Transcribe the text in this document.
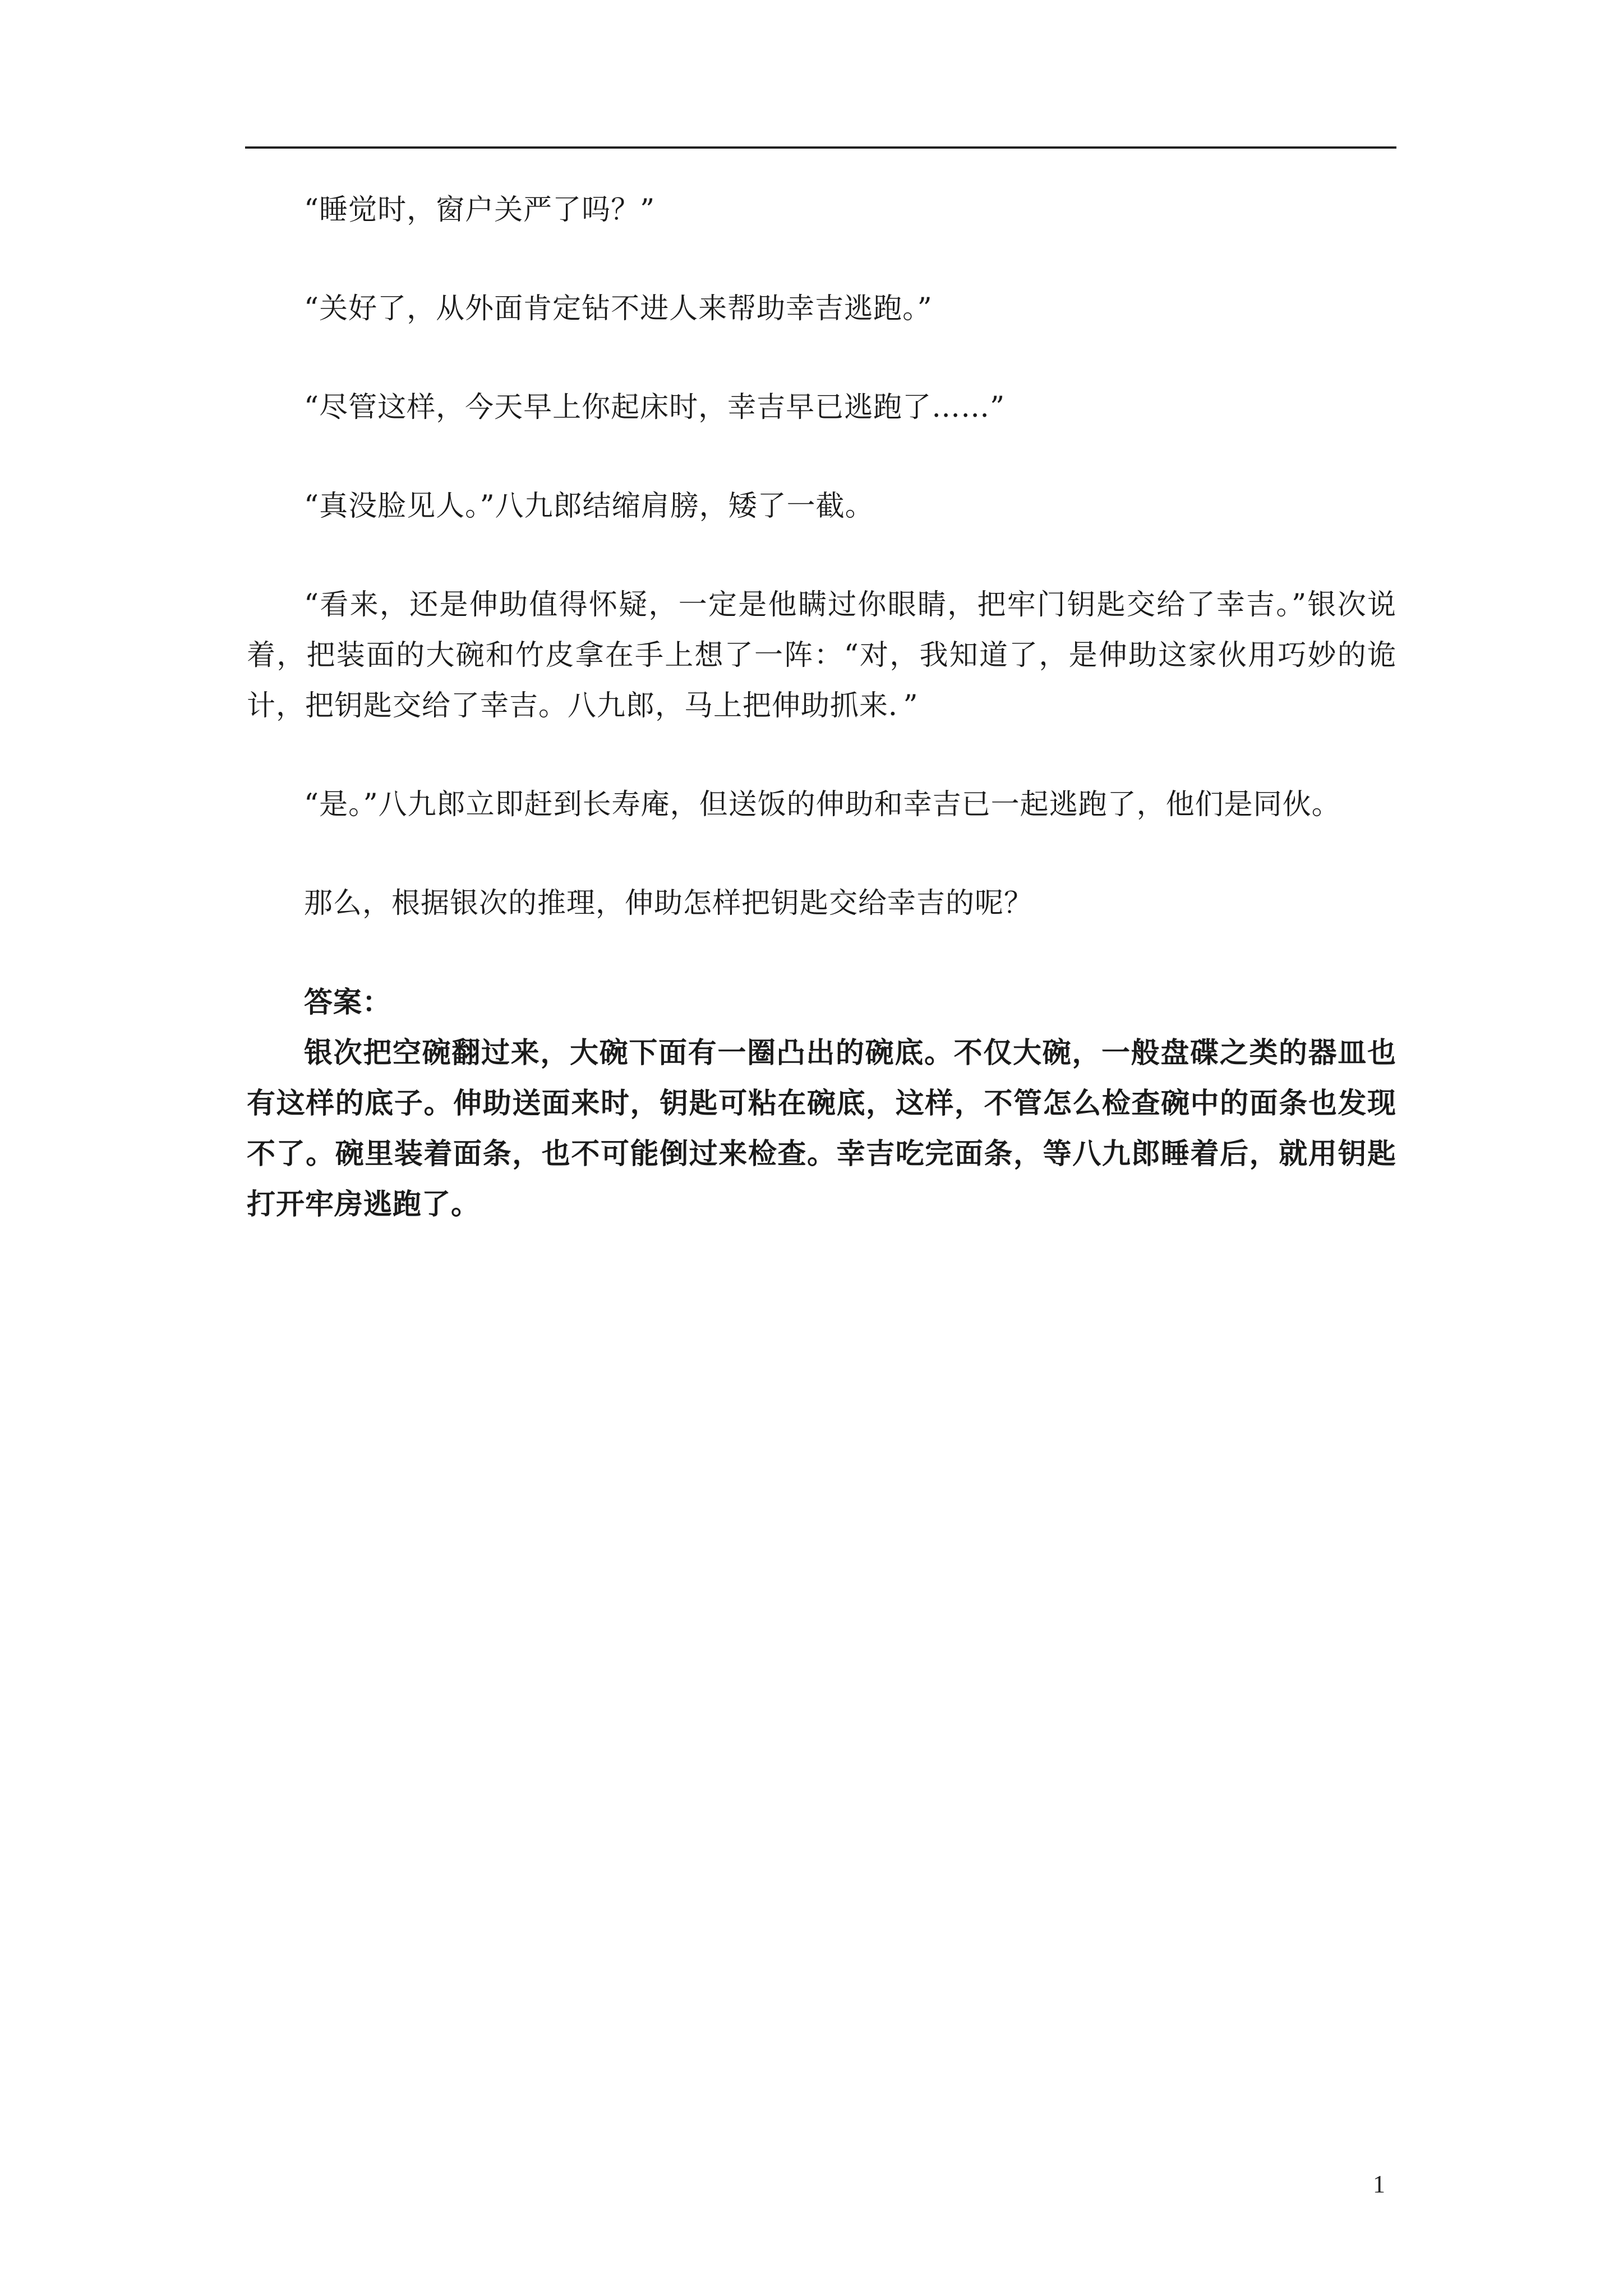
“睡觉时，窗户关严了吗？”

“关好了，从外面肯定钻不进人来帮助幸吉逃跑。”

“尽管这样，今天早上你起床时，幸吉早已逃跑了……”

“真没脸见人。”八九郎结缩肩膀，矮了一截。

“看来，还是伸助值得怀疑，一定是他瞒过你眼睛，把牢门钥匙交给了幸吉。”银次说着，把装面的大碗和竹皮拿在手上想了一阵：“对，我知道了，是伸助这家伙用巧妙的诡计，把钥匙交给了幸吉。八九郎，马上把伸助抓来．”

“是。”八九郎立即赶到长寿庵，但送饭的伸助和幸吉已一起逃跑了，他们是同伙。

那么，根据银次的推理，伸助怎样把钥匙交给幸吉的呢？

答案：

银次把空碗翻过来，大碗下面有一圈凸出的碗底。不仅大碗，一般盘碟之类的器皿也有这样的底子。伸助送面来时，钥匙可粘在碗底，这样，不管怎么检查碗中的面条也发现不了。碗里装着面条，也不可能倒过来检查。幸吉吃完面条，等八九郎睡着后，就用钥匙打开牢房逃跑了。

1
